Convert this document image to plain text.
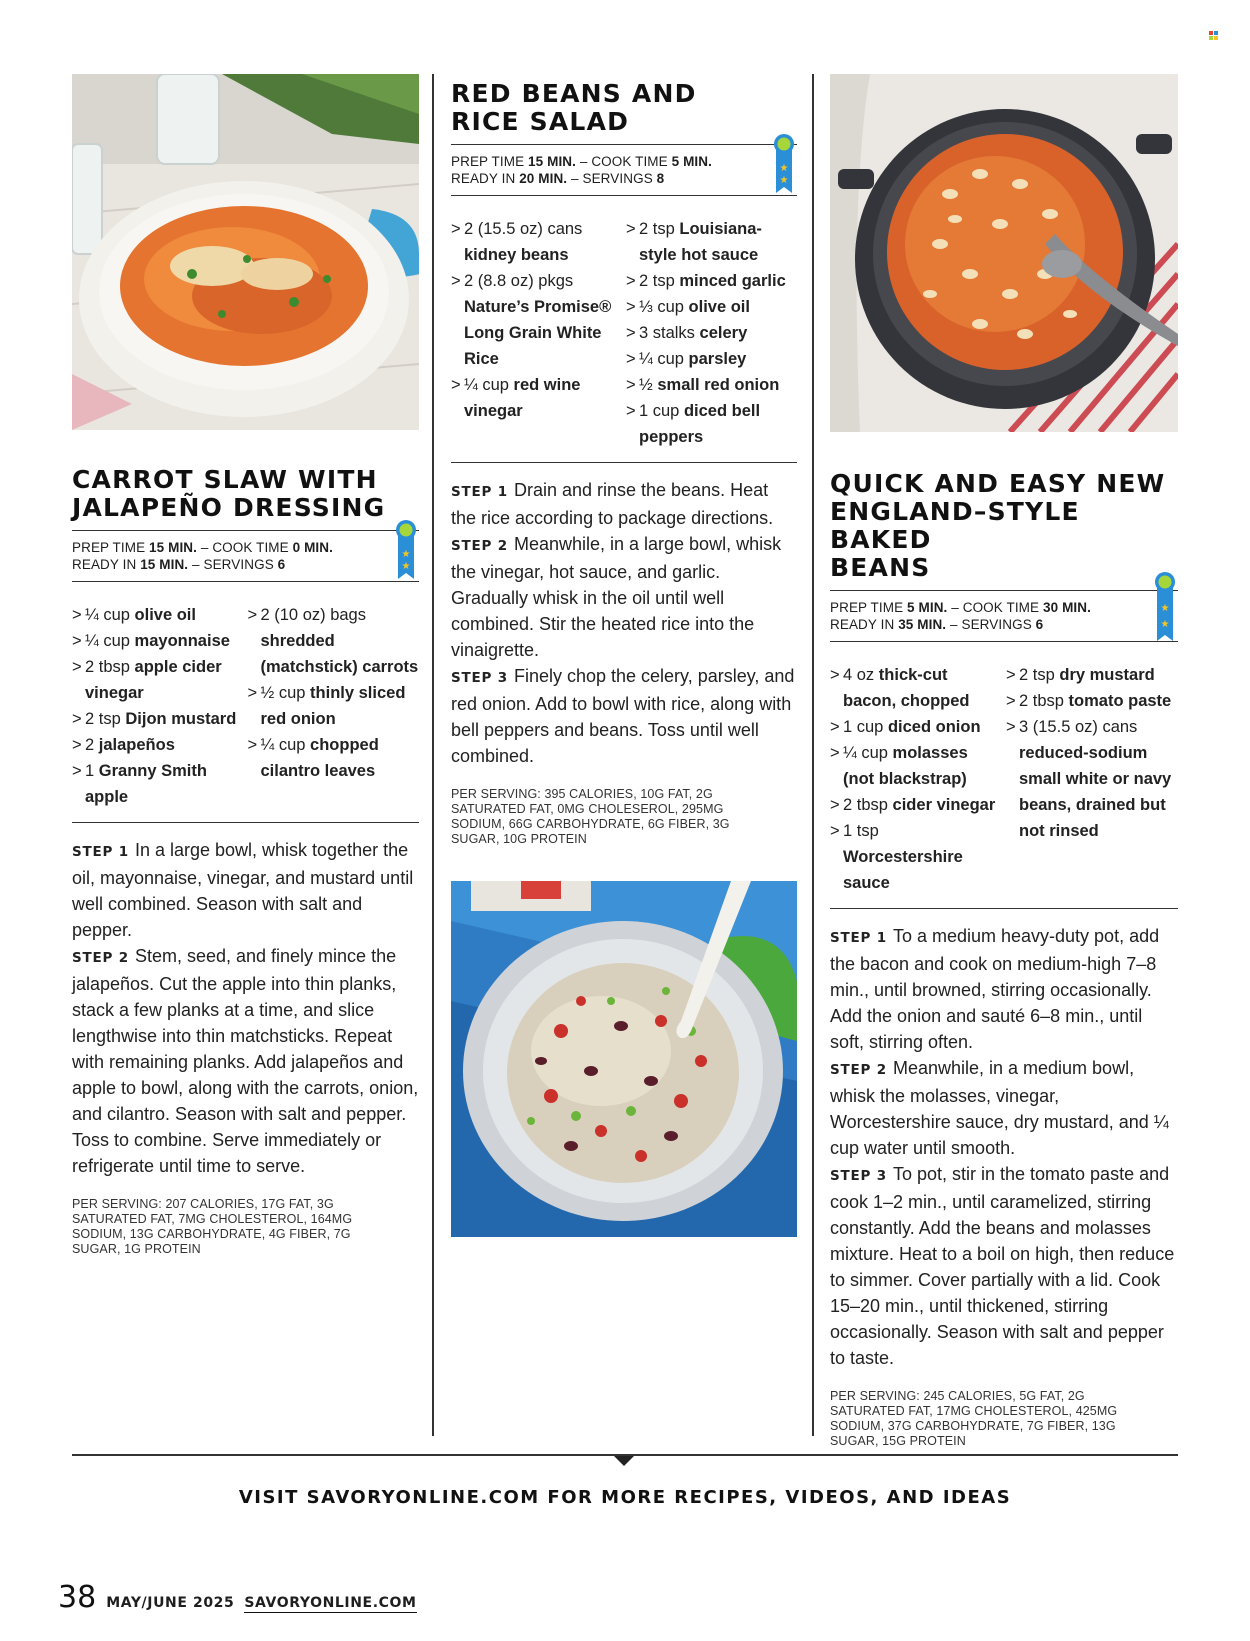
CARROT SLAW WITH
JALAPEÑO DRESSING
PREP TIME 15 MIN. – COOK TIME 0 MIN.
READY IN 15 MIN. – SERVINGS 6
★
★
> ¼ cup olive oil
> ¼ cup mayonnaise
> 2 tbsp apple cider vinegar
> 2 tsp Dijon mustard
> 2 jalapeños
> 1 Granny Smith apple
> 2 (10 oz) bags shredded (matchstick) carrots
> ½ cup thinly sliced red onion
> ¼ cup chopped cilantro leaves

STEP 1 In a large bowl, whisk together the oil, mayonnaise, vinegar, and mustard until well combined. Season with salt and pepper.

STEP 2 Stem, seed, and finely mince the jalapeños. Cut the apple into thin planks, stack a few planks at a time, and slice lengthwise into thin matchsticks. Repeat with remaining planks. Add jalapeños and apple to bowl, along with the carrots, onion, and cilantro. Season with salt and pepper. Toss to combine. Serve immediately or refrigerate until time to serve.

PER SERVING: 207 CALORIES, 17G FAT, 3G SATURATED FAT, 7MG CHOLESTEROL, 164MG SODIUM, 13G CARBOHYDRATE, 4G FIBER, 7G SUGAR, 1G PROTEIN
RED BEANS AND
RICE SALAD
PREP TIME 15 MIN. – COOK TIME 5 MIN.
READY IN 20 MIN. – SERVINGS 8
★
★
> 2 (15.5 oz) cans kidney beans
> 2 (8.8 oz) pkgs Nature’s Promise® Long Grain White Rice
> ¼ cup red wine vinegar
> 2 tsp Louisiana-style hot sauce
> 2 tsp minced garlic
> ⅓ cup olive oil
> 3 stalks celery
> ¼ cup parsley
> ½ small red onion
> 1 cup diced bell peppers

STEP 1 Drain and rinse the beans. Heat the rice according to package directions.

STEP 2 Meanwhile, in a large bowl, whisk the vinegar, hot sauce, and garlic. Gradually whisk in the oil until well combined. Stir the heated rice into the vinaigrette.

STEP 3 Finely chop the celery, parsley, and red onion. Add to bowl with rice, along with bell peppers and beans. Toss until well combined.

PER SERVING: 395 CALORIES, 10G FAT, 2G SATURATED FAT, 0MG CHOLESEROL, 295MG SODIUM, 66G CARBOHYDRATE, 6G FIBER, 3G SUGAR, 10G PROTEIN
QUICK AND EASY NEW
ENGLAND–STYLE BAKED
BEANS
PREP TIME 5 MIN. – COOK TIME 30 MIN.
READY IN 35 MIN. – SERVINGS 6
★
★
> 4 oz thick-cut bacon, chopped
> 1 cup diced onion
> ¼ cup molasses (not blackstrap)
> 2 tbsp cider vinegar
> 1 tsp Worcestershire sauce
> 2 tsp dry mustard
> 2 tbsp tomato paste
> 3 (15.5 oz) cans reduced-sodium small white or navy beans, drained but not rinsed

STEP 1 To a medium heavy-duty pot, add the bacon and cook on medium-high 7–8 min., until browned, stirring occasionally. Add the onion and sauté 6–8 min., until soft, stirring often.

STEP 2 Meanwhile, in a medium bowl, whisk the molasses, vinegar, Worcestershire sauce, dry mustard, and ¼ cup water until smooth.

STEP 3 To pot, stir in the tomato paste and cook 1–2 min., until caramelized, stirring constantly. Add the beans and molasses mixture. Heat to a boil on high, then reduce to simmer. Cover partially with a lid. Cook 15–20 min., until thickened, stirring occasionally. Season with salt and pepper to taste.

PER SERVING: 245 CALORIES, 5G FAT, 2G SATURATED FAT, 17MG CHOLESTEROL, 425MG SODIUM, 37G CARBOHYDRATE, 7G FIBER, 13G SUGAR, 15G PROTEIN
VISIT SAVORYONLINE.COM FOR MORE RECIPES, VIDEOS, AND IDEAS
38 MAY/JUNE 2025 SAVORYONLINE.COM
